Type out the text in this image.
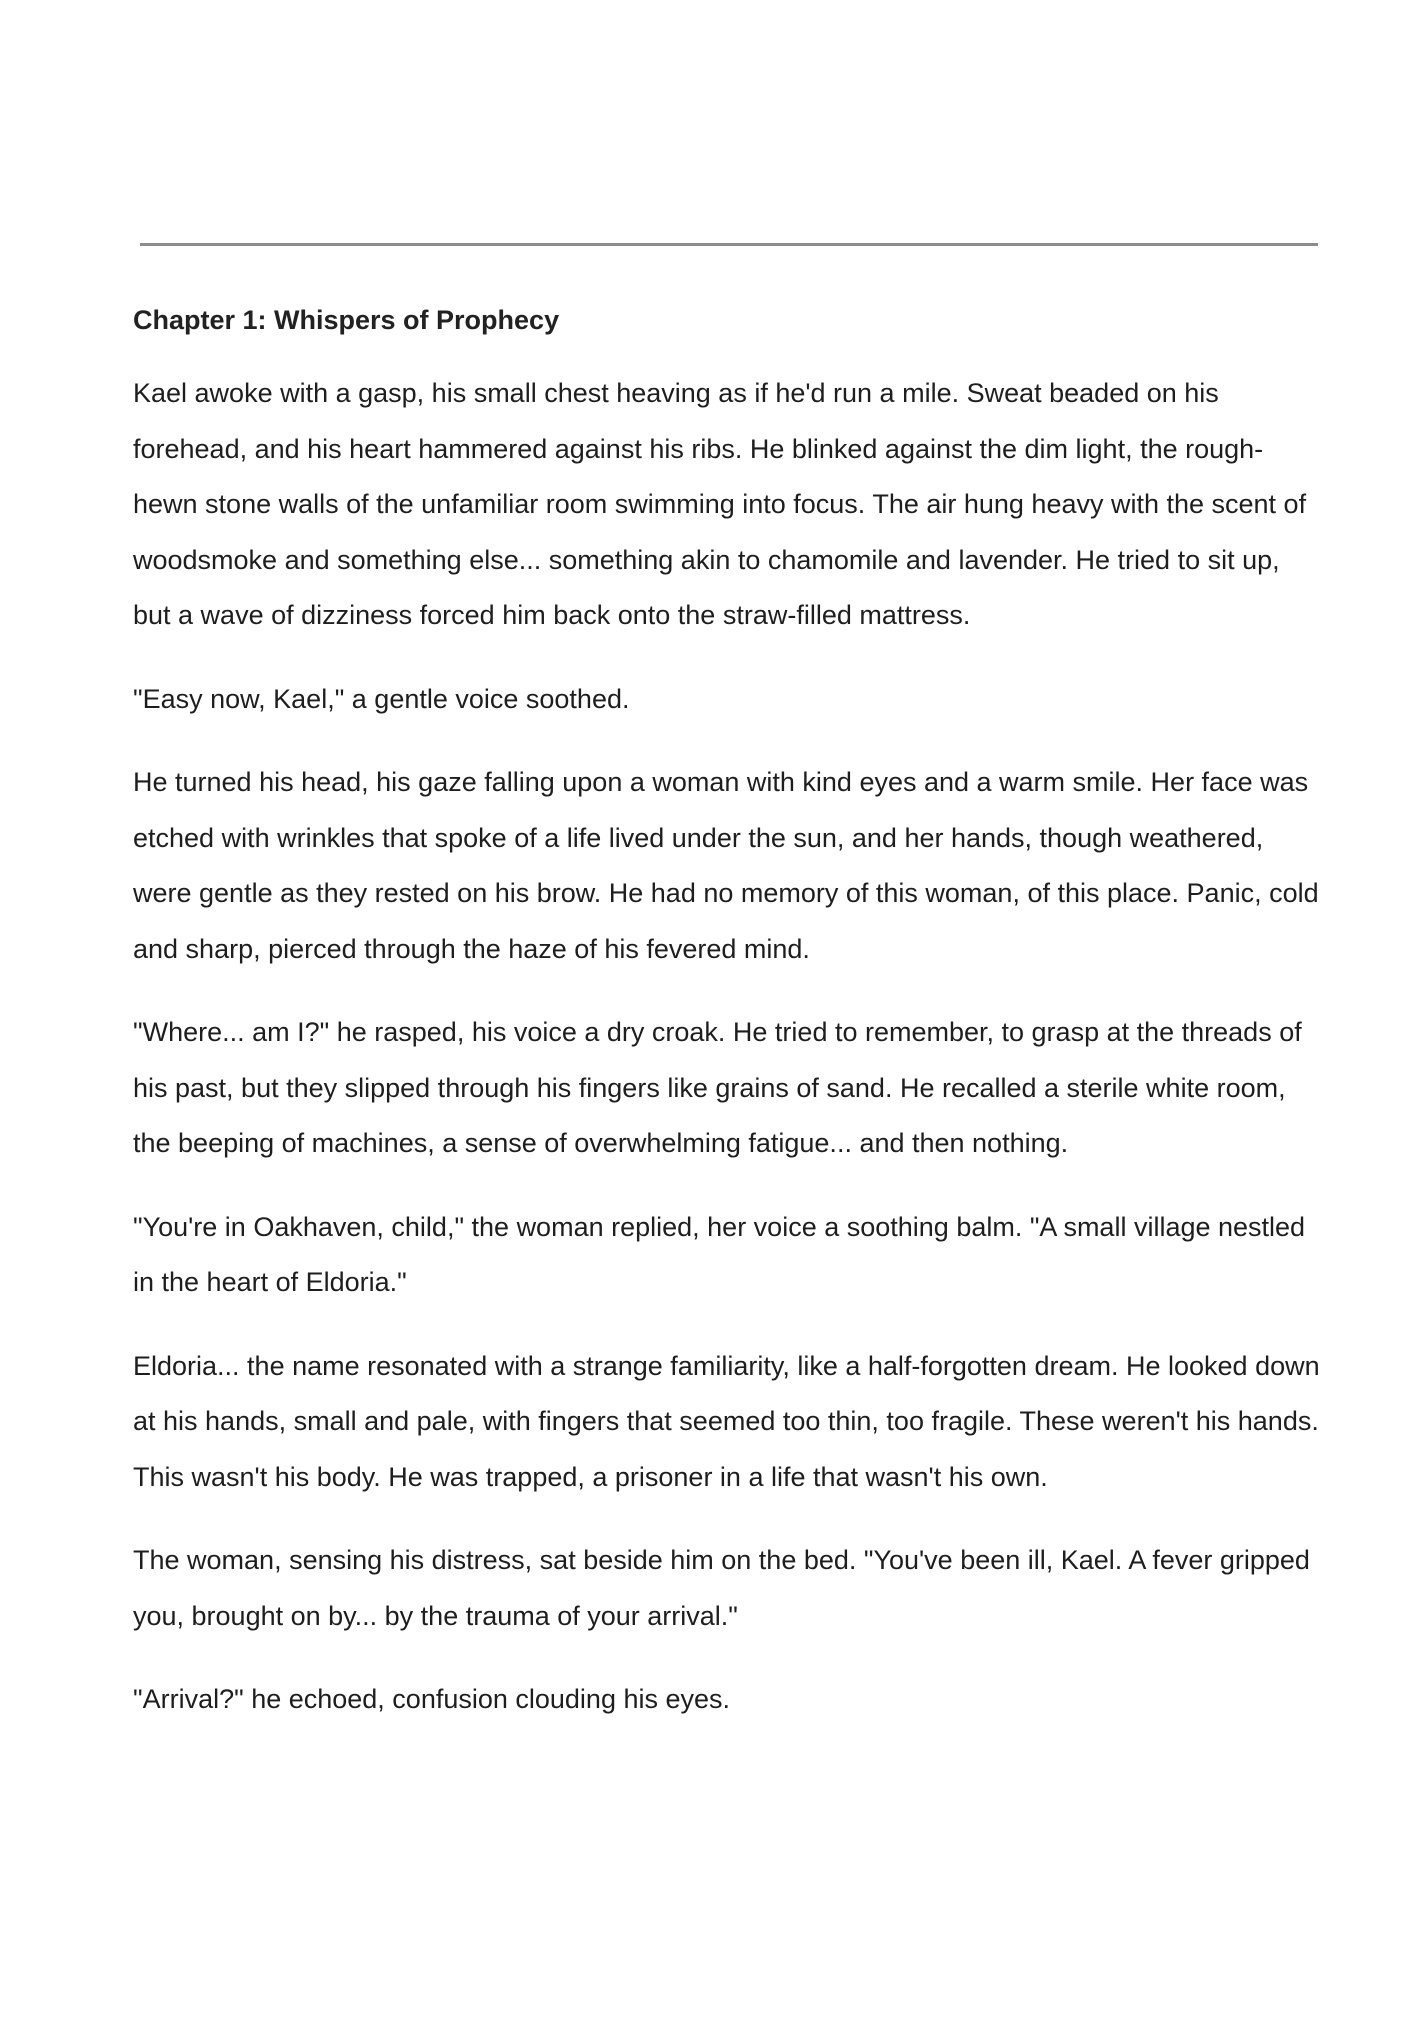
Chapter 1: Whispers of Prophecy

Kael awoke with a gasp, his small chest heaving as if he'd run a mile. Sweat beaded on his forehead, and his heart hammered against his ribs. He blinked against the dim light, the rough-hewn stone walls of the unfamiliar room swimming into focus. The air hung heavy with the scent of woodsmoke and something else... something akin to chamomile and lavender. He tried to sit up, but a wave of dizziness forced him back onto the straw-filled mattress.

"Easy now, Kael," a gentle voice soothed.

He turned his head, his gaze falling upon a woman with kind eyes and a warm smile. Her face was etched with wrinkles that spoke of a life lived under the sun, and her hands, though weathered, were gentle as they rested on his brow. He had no memory of this woman, of this place. Panic, cold and sharp, pierced through the haze of his fevered mind.

"Where... am I?" he rasped, his voice a dry croak. He tried to remember, to grasp at the threads of his past, but they slipped through his fingers like grains of sand. He recalled a sterile white room, the beeping of machines, a sense of overwhelming fatigue... and then nothing.

"You're in Oakhaven, child," the woman replied, her voice a soothing balm. "A small village nestled in the heart of Eldoria."

Eldoria... the name resonated with a strange familiarity, like a half-forgotten dream. He looked down at his hands, small and pale, with fingers that seemed too thin, too fragile. These weren't his hands. This wasn't his body. He was trapped, a prisoner in a life that wasn't his own.

The woman, sensing his distress, sat beside him on the bed. "You've been ill, Kael. A fever gripped you, brought on by... by the trauma of your arrival."

"Arrival?" he echoed, confusion clouding his eyes.
